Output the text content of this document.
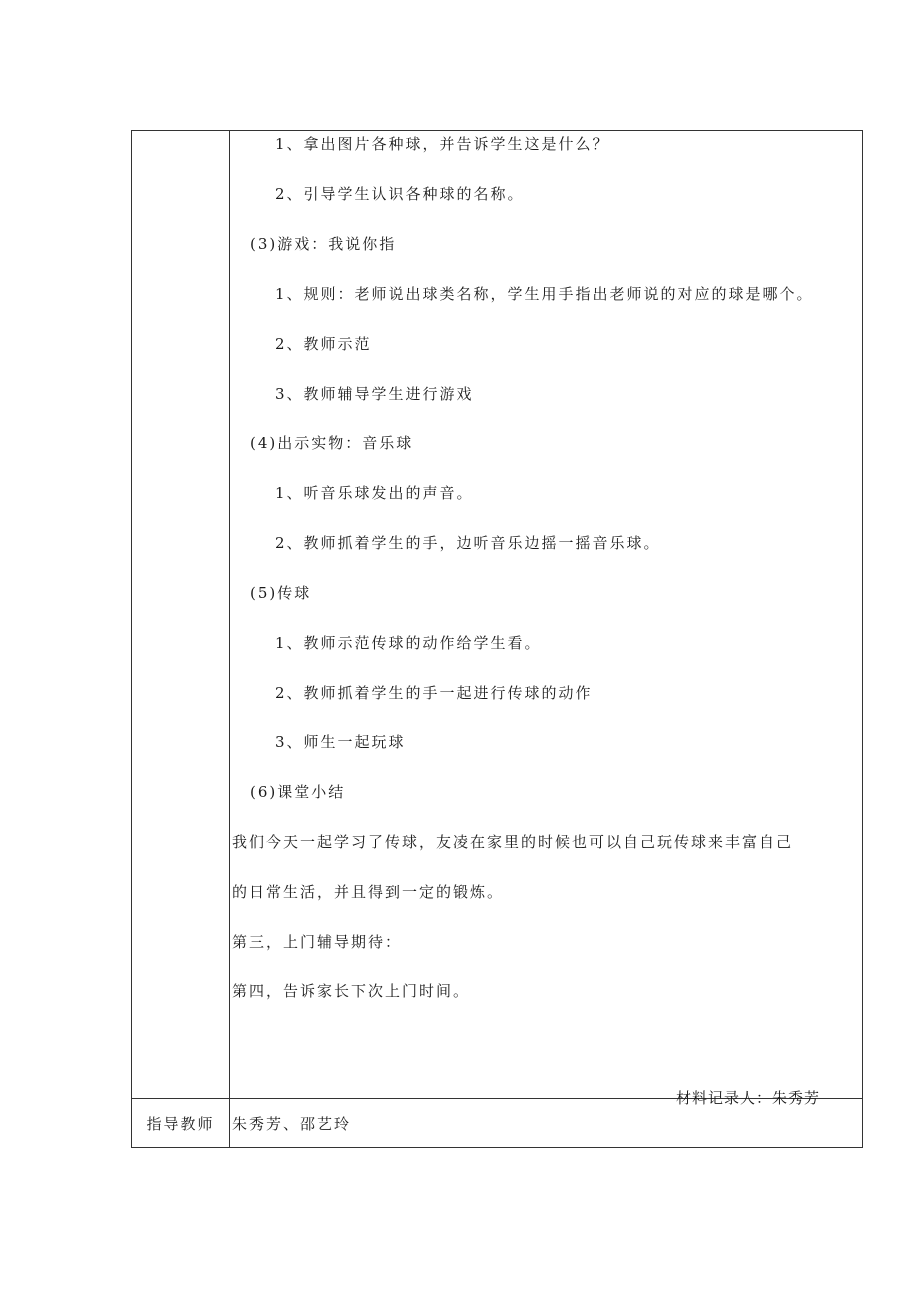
1、拿出图片各种球，并告诉学生这是什么？
2、引导学生认识各种球的名称。
(3)游戏：我说你指
1、规则：老师说出球类名称，学生用手指出老师说的对应的球是哪个。
2、教师示范
3、教师辅导学生进行游戏
(4)出示实物：音乐球
1、听音乐球发出的声音。
2、教师抓着学生的手，边听音乐边摇一摇音乐球。
(5)传球
1、教师示范传球的动作给学生看。
2、教师抓着学生的手一起进行传球的动作
3、师生一起玩球
(6)课堂小结
我们今天一起学习了传球，友凌在家里的时候也可以自己玩传球来丰富自己
的日常生活，并且得到一定的锻炼。
第三，上门辅导期待：
第四，告诉家长下次上门时间。
材料记录人：朱秀芳
指导教师	朱秀芳、邵艺玲
